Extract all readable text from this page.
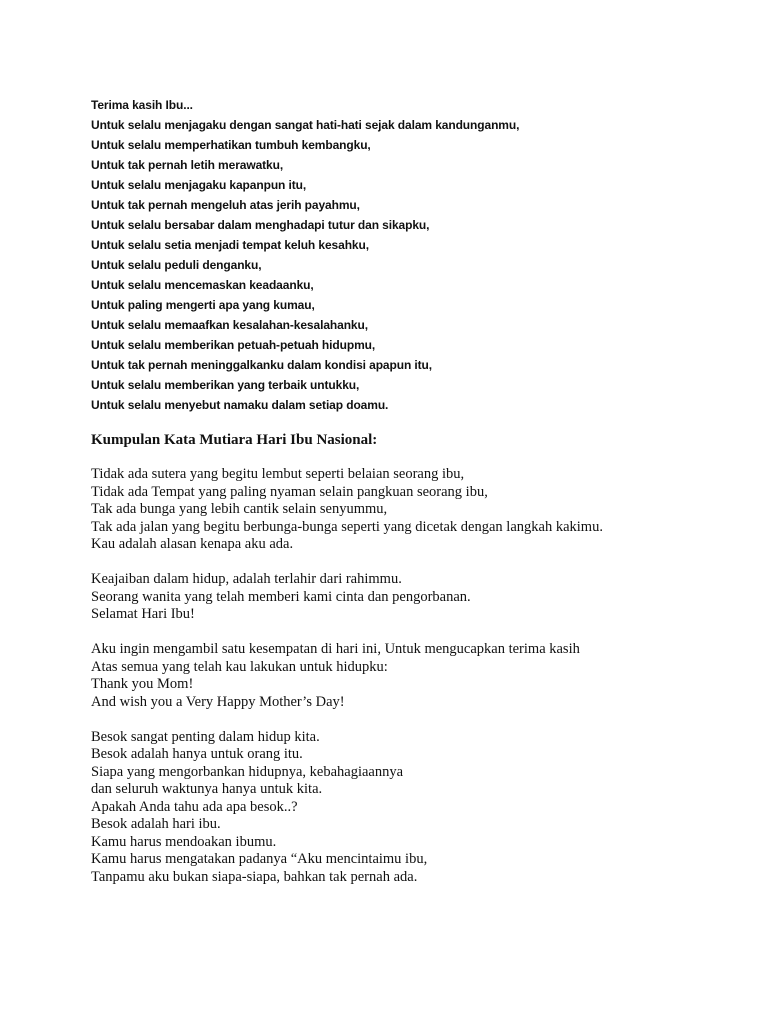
Terima kasih Ibu...
Untuk selalu menjagaku dengan sangat hati-hati sejak dalam kandunganmu,
Untuk selalu memperhatikan tumbuh kembangku,
Untuk tak pernah letih merawatku,
Untuk selalu menjagaku kapanpun itu,
Untuk tak pernah mengeluh atas jerih payahmu,
Untuk selalu bersabar dalam menghadapi tutur dan sikapku,
Untuk selalu setia menjadi tempat keluh kesahku,
Untuk selalu peduli denganku,
Untuk selalu mencemaskan keadaanku,
Untuk paling mengerti apa yang kumau,
Untuk selalu memaafkan kesalahan-kesalahanku,
Untuk selalu memberikan petuah-petuah hidupmu,
Untuk tak pernah meninggalkanku dalam kondisi apapun itu,
Untuk selalu memberikan yang terbaik untukku,
Untuk selalu menyebut namaku dalam setiap doamu.
Kumpulan Kata Mutiara Hari Ibu Nasional:
Tidak ada sutera yang begitu lembut seperti belaian seorang ibu,
Tidak ada Tempat yang paling nyaman selain pangkuan seorang ibu,
Tak ada bunga yang lebih cantik selain senyummu,
Tak ada jalan yang begitu berbunga-bunga seperti yang dicetak dengan langkah kakimu.
Kau adalah alasan kenapa aku ada.
Keajaiban dalam hidup, adalah terlahir dari rahimmu.
Seorang wanita yang telah memberi kami cinta dan pengorbanan.
Selamat Hari Ibu!
Aku ingin mengambil satu kesempatan di hari ini, Untuk mengucapkan terima kasih
Atas semua yang telah kau lakukan untuk hidupku:
Thank you Mom!
And wish you a Very Happy Mother’s Day!
Besok sangat penting dalam hidup kita.
Besok adalah hanya untuk orang itu.
Siapa yang mengorbankan hidupnya, kebahagiaannya
dan seluruh waktunya hanya untuk kita.
Apakah Anda tahu ada apa besok..?
Besok adalah hari ibu.
Kamu harus mendoakan ibumu.
Kamu harus mengatakan padanya “Aku mencintaimu ibu,
Tanpamu aku bukan siapa-siapa, bahkan tak pernah ada.
